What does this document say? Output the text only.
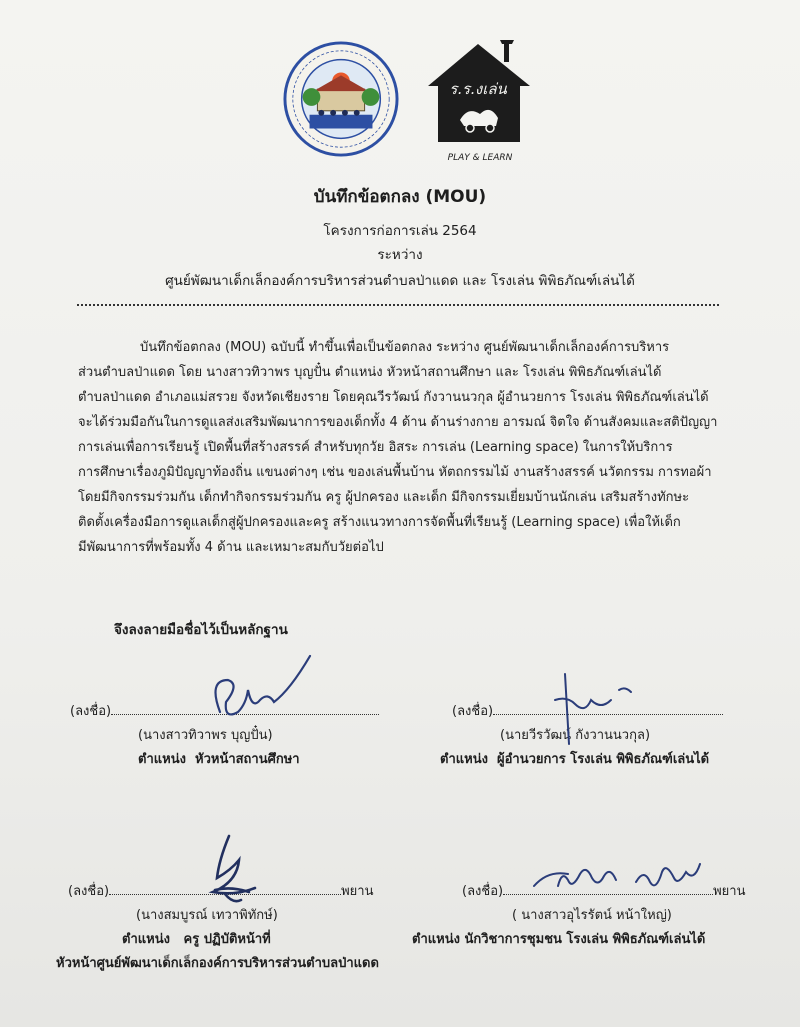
ร.ร.งเล่น
PLAY & LEARN
บันทึกข้อตกลง (MOU)
โครงการก่อการเล่น 2564
ระหว่าง
ศูนย์พัฒนาเด็กเล็กองค์การบริหารส่วนตำบลป่าแดด และ โรงเล่น พิพิธภัณฑ์เล่นได้
บันทึกข้อตกลง (MOU) ฉบับนี้ ทำขึ้นเพื่อเป็นข้อตกลง ระหว่าง ศูนย์พัฒนาเด็กเล็กองค์การบริหาร
ส่วนตำบลป่าแดด โดย นางสาวทิวาพร บุญปั๋น ตำแหน่ง หัวหน้าสถานศึกษา และ โรงเล่น พิพิธภัณฑ์เล่นได้
ตำบลป่าแดด อำเภอแม่สรวย จังหวัดเชียงราย โดยคุณวีรวัฒน์ กังวานนวกุล ผู้อำนวยการ โรงเล่น พิพิธภัณฑ์เล่นได้
จะได้ร่วมมือกันในการดูแลส่งเสริมพัฒนาการของเด็กทั้ง 4 ด้าน ด้านร่างกาย อารมณ์ จิตใจ ด้านสังคมและสติปัญญา
การเล่นเพื่อการเรียนรู้ เปิดพื้นที่สร้างสรรค์ สำหรับทุกวัย อิสระ การเล่น (Learning space) ในการให้บริการ
การศึกษาเรื่องภูมิปัญญาท้องถิ่น แขนงต่างๆ เช่น ของเล่นพื้นบ้าน หัตถกรรมไม้ งานสร้างสรรค์ นวัตกรรม การทอผ้า
โดยมีกิจกรรมร่วมกัน เด็กทำกิจกรรมร่วมกัน ครู ผู้ปกครอง และเด็ก มีกิจกรรมเยี่ยมบ้านนักเล่น เสริมสร้างทักษะ
ติดตั้งเครื่องมือการดูแลเด็กสู่ผู้ปกครองและครู สร้างแนวทางการจัดพื้นที่เรียนรู้ (Learning space) เพื่อให้เด็ก
มีพัฒนาการที่พร้อมทั้ง 4 ด้าน และเหมาะสมกับวัยต่อไป
จึงลงลายมือชื่อไว้เป็นหลักฐาน
(ลงชื่อ)
(นางสาวทิวาพร บุญปั๋น)
ตำแหน่ง หัวหน้าสถานศึกษา
(ลงชื่อ)
(นายวีรวัฒน์ กังวานนวกุล)
ตำแหน่ง ผู้อำนวยการ โรงเล่น พิพิธภัณฑ์เล่นได้
(ลงชื่อ)	พยาน
(นางสมบูรณ์ เทวาพิทักษ์)
ตำแหน่ง ครู ปฏิบัติหน้าที่
หัวหน้าศูนย์พัฒนาเด็กเล็กองค์การบริหารส่วนตำบลป่าแดด
(ลงชื่อ)	พยาน
( นางสาวอุไรรัตน์ หน้าใหญ่)
ตำแหน่ง นักวิชาการชุมชน โรงเล่น พิพิธภัณฑ์เล่นได้
